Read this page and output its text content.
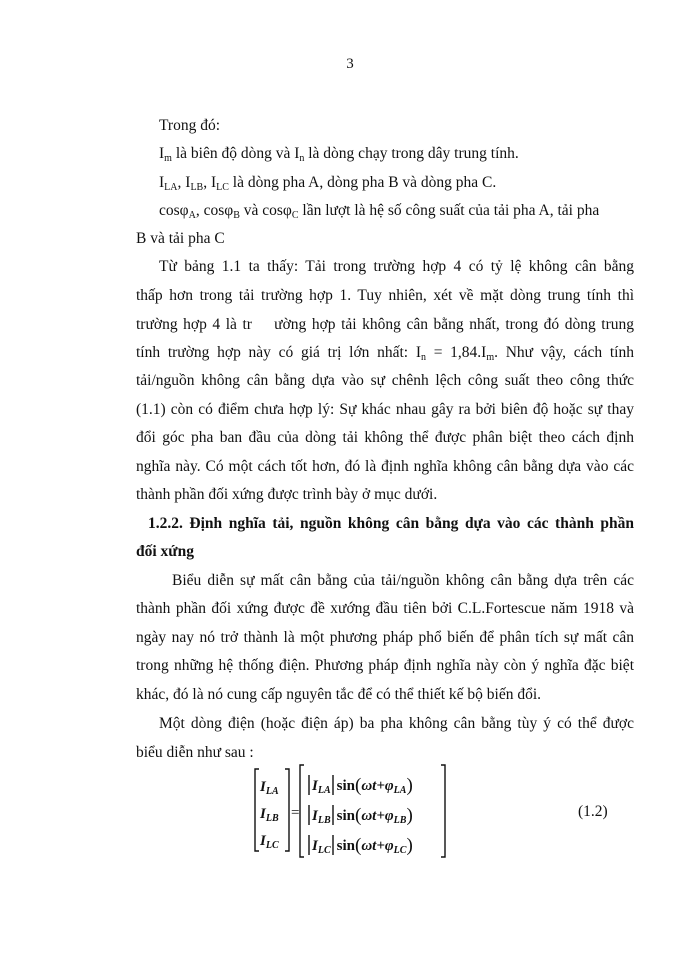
3
Trong đó:
$I_m$ là biên độ dòng và $I_n$ là dòng chạy trong dây trung tính.
$I_{LA}$, $I_{LB}$, $I_{LC}$ là dòng pha A, dòng pha B và dòng pha C.
cosφ$_A$, cosφ$_B$ và cosφ$_C$ lần lượt là hệ số công suất của tải pha A, tải pha
B và tải pha C
Từ bảng 1.1 ta thấy: Tải trong trường hợp 4 có tỷ lệ không cân bằng
thấp hơn trong tải trường hợp 1. Tuy nhiên, xét về mặt dòng trung tính thì
trường hợp 4 là tr    ường hợp tải không cân bằng nhất, trong đó dòng trung
tính trường hợp này có giá trị lớn nhất: $I_n = 1,84.I_m$. Như vậy, cách tính
tải/nguồn không cân bằng dựa vào sự chênh lệch công suất theo công thức
(1.1) còn có điểm chưa hợp lý: Sự khác nhau gây ra bởi biên độ hoặc sự thay
đổi góc pha ban đầu của dòng tải không thể được phân biệt theo cách định
nghĩa này. Có một cách tốt hơn, đó là định nghĩa không cân bằng dựa vào các
thành phần đối xứng được trình bày ở mục dưới.
1.2.2. Định nghĩa tải, nguồn không cân bằng dựa vào các thành phần
đối xứng
Biểu diễn sự mất cân bằng của tải/nguồn không cân bằng dựa trên các
thành phần đối xứng được đề xướng đầu tiên bởi C.L.Fortescue năm 1918 và
ngày nay nó trở thành là một phương pháp phổ biến để phân tích sự mất cân
trong những hệ thống điện. Phương pháp định nghĩa này còn ý nghĩa đặc biệt
khác, đó là nó cung cấp nguyên tắc để có thể thiết kế bộ biến đổi.
Một dòng điện (hoặc điện áp) ba pha không cân bằng tùy ý có thể được
biểu diễn như sau :
$I_{LA}$
$I_{LB}$
$I_{LC}$
=
$I_{LA}$ $\sin(\omega t+\varphi_{LA})$
$I_{LB}$ $\sin(\omega t+\varphi_{LB})$
$I_{LC}$ $\sin(\omega t+\varphi_{LC})$
(1.2)
